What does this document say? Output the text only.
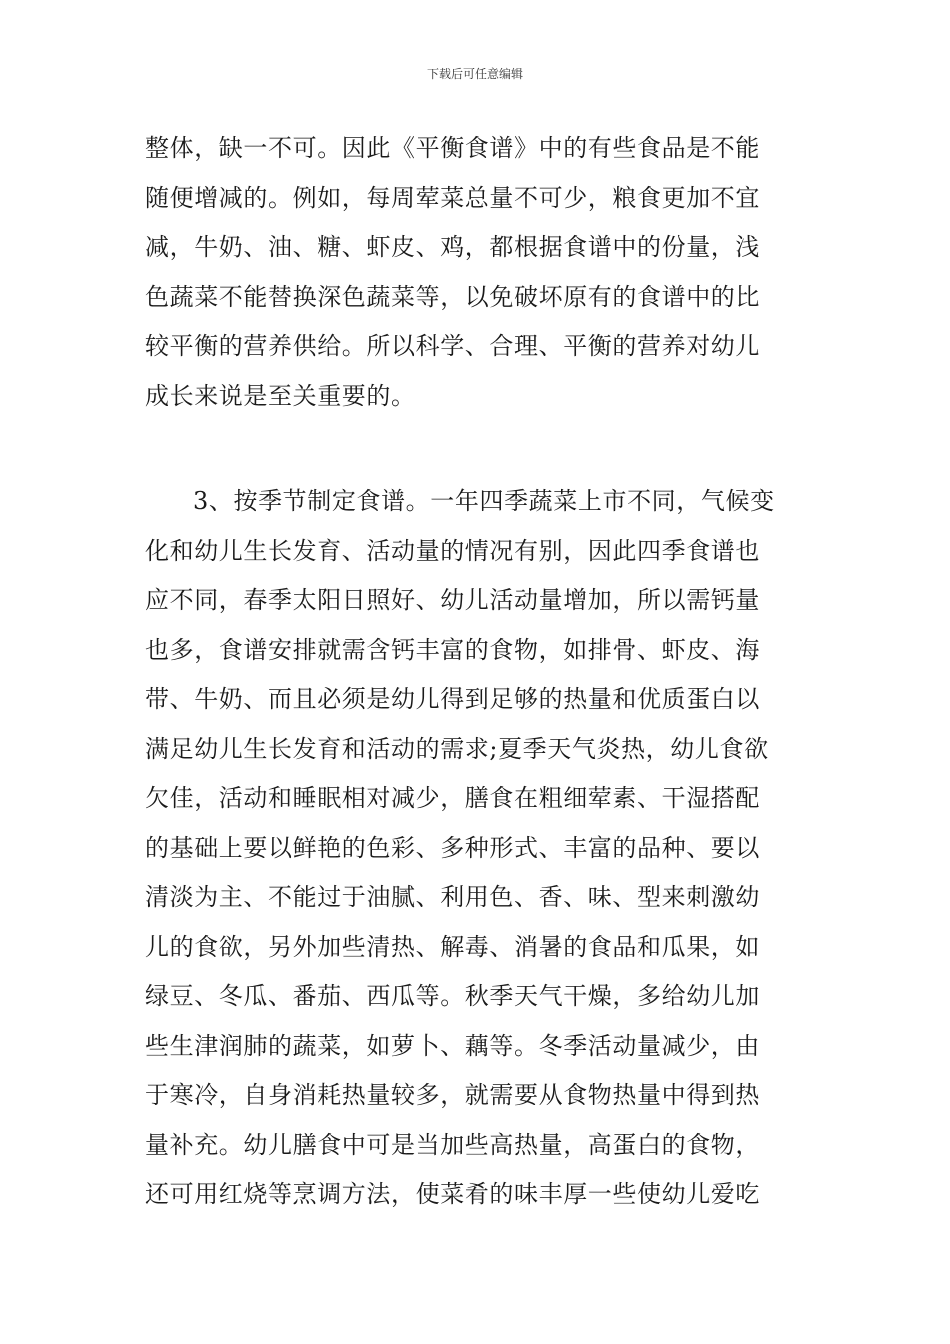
下载后可任意编辑
整体，缺一不可。因此《平衡食谱》中的有些食品是不能
随便增减的。例如，每周荤菜总量不可少，粮食更加不宜
减，牛奶、油、糖、虾皮、鸡，都根据食谱中的份量，浅
色蔬菜不能替换深色蔬菜等，以免破坏原有的食谱中的比
较平衡的营养供给。所以科学、合理、平衡的营养对幼儿
成长来说是至关重要的。
3、按季节制定食谱。一年四季蔬菜上市不同，气候变
化和幼儿生长发育、活动量的情况有别，因此四季食谱也
应不同，春季太阳日照好、幼儿活动量增加，所以需钙量
也多，食谱安排就需含钙丰富的食物，如排骨、虾皮、海
带、牛奶、而且必须是幼儿得到足够的热量和优质蛋白以
满足幼儿生长发育和活动的需求;夏季天气炎热，幼儿食欲
欠佳，活动和睡眠相对减少，膳食在粗细荤素、干湿搭配
的基础上要以鲜艳的色彩、多种形式、丰富的品种、要以
清淡为主、不能过于油腻、利用色、香、味、型来刺激幼
儿的食欲，另外加些清热、解毒、消暑的食品和瓜果，如
绿豆、冬瓜、番茄、西瓜等。秋季天气干燥，多给幼儿加
些生津润肺的蔬菜，如萝卜、藕等。冬季活动量减少，由
于寒冷，自身消耗热量较多，就需要从食物热量中得到热
量补充。幼儿膳食中可是当加些高热量，高蛋白的食物，
还可用红烧等烹调方法，使菜肴的味丰厚一些使幼儿爱吃
